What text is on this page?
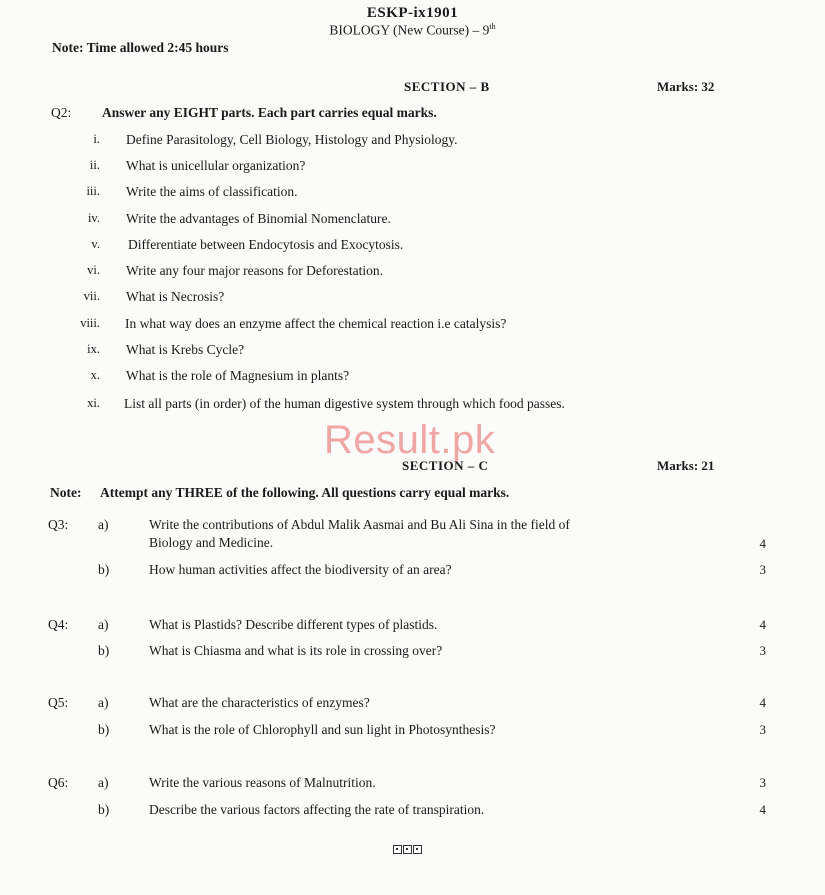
ESKP-ix1901
BIOLOGY (New Course) – 9th
Note: Time allowed 2:45 hours
SECTION – B	Marks: 32
Q2: Answer any EIGHT parts. Each part carries equal marks.
i. Define Parasitology, Cell Biology, Histology and Physiology.
ii. What is unicellular organization?
iii. Write the aims of classification.
iv. Write the advantages of Binomial Nomenclature.
v. Differentiate between Endocytosis and Exocytosis.
vi. Write any four major reasons for Deforestation.
vii. What is Necrosis?
viii. In what way does an enzyme affect the chemical reaction i.e catalysis?
ix. What is Krebs Cycle?
x. What is the role of Magnesium in plants?
xi. List all parts (in order) of the human digestive system through which food passes.
Result.pk
SECTION – C	Marks: 21
Note: Attempt any THREE of the following. All questions carry equal marks.
Q3: a)	Write the contributions of Abdul Malik Aasmai and Bu Ali Sina in the field of
Biology and Medicine.	4
b)	How human activities affect the biodiversity of an area?	3
Q4: a)	What is Plastids? Describe different types of plastids.	4
b)	What is Chiasma and what is its role in crossing over?	3
Q5: a)	What are the characteristics of enzymes?	4
b)	What is the role of Chlorophyll and sun light in Photosynthesis?	3
Q6: a)	Write the various reasons of Malnutrition.	3
b)	Describe the various factors affecting the rate of transpiration.	4
